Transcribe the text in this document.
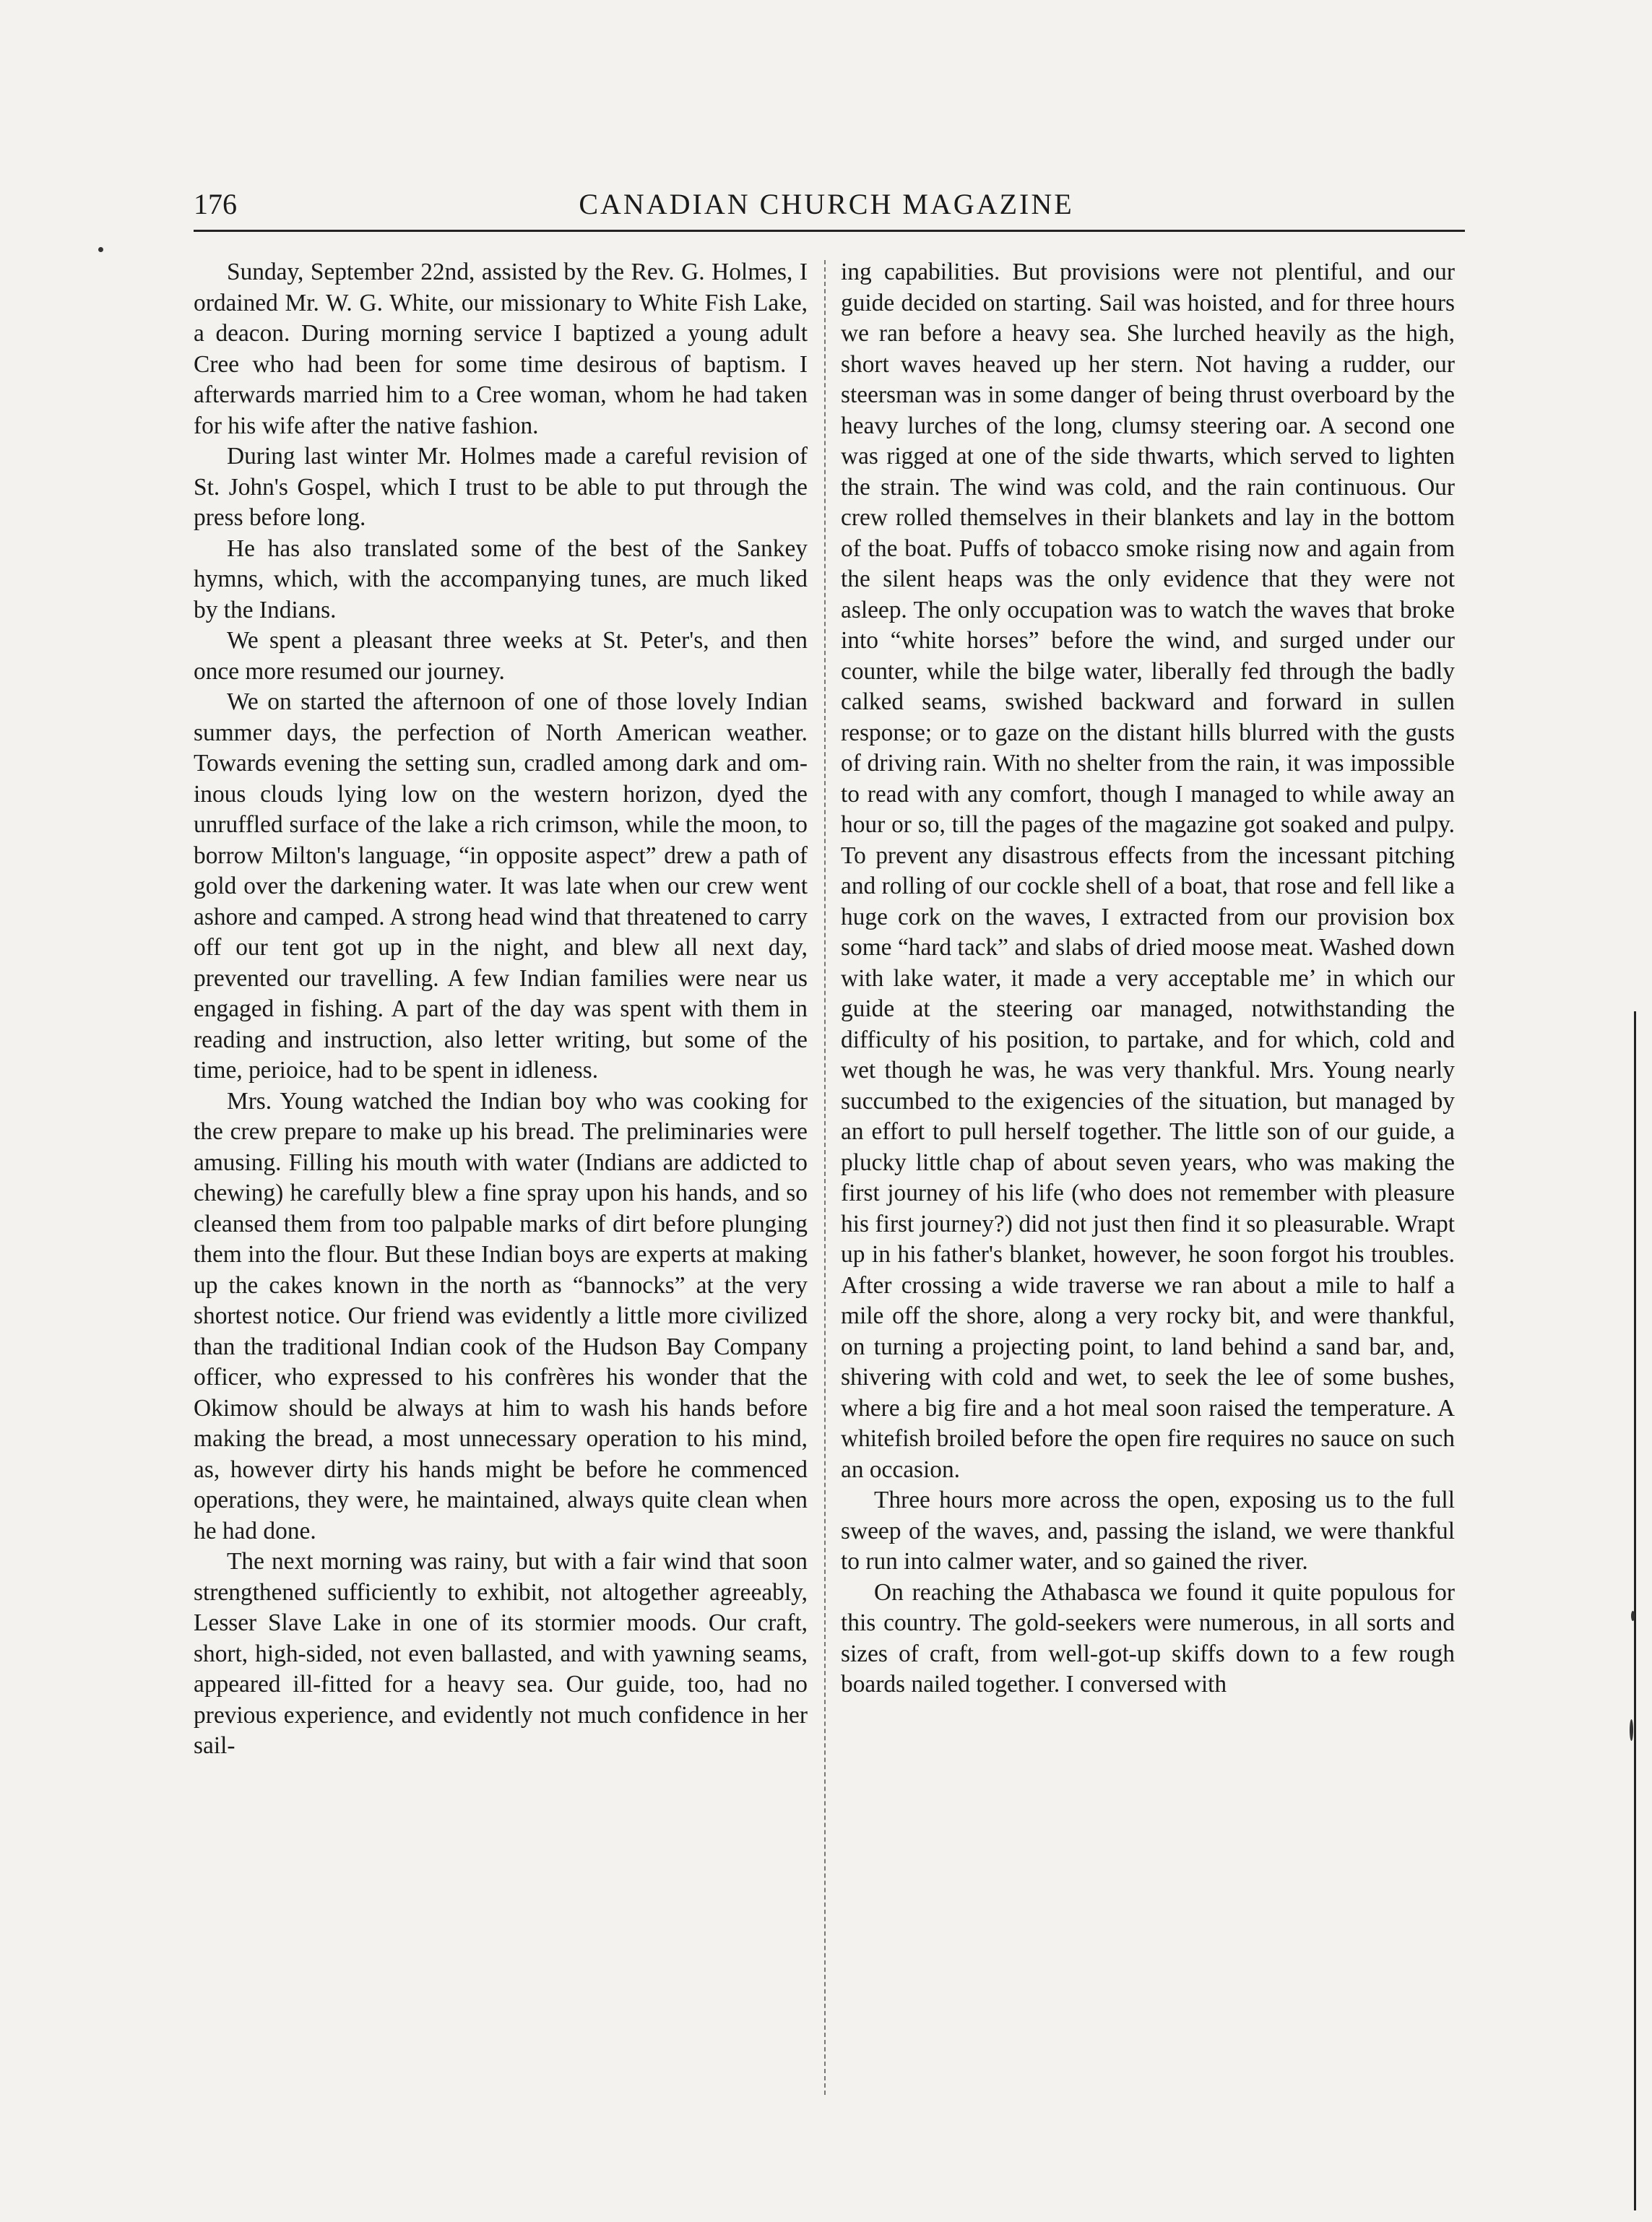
176	CANADIAN CHURCH MAGAZINE

Sunday, September 22nd, assisted by the Rev. G. Holmes, I ordained Mr. W. G. White, our missionary to White Fish Lake, a deacon. During morning service I baptized a young adult Cree who had been for some time desirous of baptism. I afterwards married him to a Cree woman, whom he had taken for his wife after the native fashion.

During last winter Mr. Holmes made a careful revision of St. John's Gospel, which I trust to be able to put through the press before long.

He has also translated some of the best of the Sankey hymns, which, with the accompanying tunes, are much liked by the Indians.

We spent a pleasant three weeks at St. Peter's, and then once more resumed our journey.

We on started the afternoon of one of those lovely Indian summer days, the perfection of North American weather. Towards evening the setting sun, cradled among dark and ominous clouds lying low on the western horizon, dyed the unruffled surface of the lake a rich crimson, while the moon, to borrow Milton's language, “in opposite aspect” drew a path of gold over the darkening water. It was late when our crew went ashore and camped. A strong head wind that threatened to carry off our tent got up in the night, and blew all next day, prevented our travelling. A few Indian families were near us engaged in fishing. A part of the day was spent with them in reading and instruction, also letter writing, but some of the time, perioice, had to be spent in idleness.

Mrs. Young watched the Indian boy who was cooking for the crew prepare to make up his bread. The preliminaries were amusing. Filling his mouth with water (Indians are addicted to chewing) he carefully blew a fine spray upon his hands, and so cleansed them from too palpable marks of dirt before plunging them into the flour. But these Indian boys are experts at making up the cakes known in the north as “bannocks” at the very shortest notice. Our friend was evidently a little more civilized than the traditional Indian cook of the Hudson Bay Company officer, who expressed to his confrères his wonder that the Okimow should be always at him to wash his hands before making the bread, a most unnecessary operation to his mind, as, however dirty his hands might be before he commenced operations, they were, he maintained, always quite clean when he had done.

The next morning was rainy, but with a fair wind that soon strengthened sufficiently to exhibit, not altogether agreeably, Lesser Slave Lake in one of its stormier moods. Our craft, short, high-sided, not even ballasted, and with yawning seams, appeared ill-fitted for a heavy sea. Our guide, too, had no previous experience, and evidently not much confidence in her sail-

ing capabilities. But provisions were not plentiful, and our guide decided on starting. Sail was hoisted, and for three hours we ran before a heavy sea. She lurched heavily as the high, short waves heaved up her stern. Not having a rudder, our steersman was in some danger of being thrust overboard by the heavy lurches of the long, clumsy steering oar. A second one was rigged at one of the side thwarts, which served to lighten the strain. The wind was cold, and the rain continuous. Our crew rolled themselves in their blankets and lay in the bottom of the boat. Puffs of tobacco smoke rising now and again from the silent heaps was the only evidence that they were not asleep. The only occupation was to watch the waves that broke into “white horses” before the wind, and surged under our counter, while the bilge water, liberally fed through the badly calked seams, swished backward and forward in sullen response; or to gaze on the distant hills blurred with the gusts of driving rain. With no shelter from the rain, it was impossible to read with any comfort, though I managed to while away an hour or so, till the pages of the magazine got soaked and pulpy. To prevent any disastrous effects from the incessant pitching and rolling of our cockle shell of a boat, that rose and fell like a huge cork on the waves, I extracted from our provision box some “hard tack” and slabs of dried moose meat. Washed down with lake water, it made a very acceptable meʼ in which our guide at the steering oar managed, notwithstanding the difficulty of his position, to partake, and for which, cold and wet though he was, he was very thankful. Mrs. Young nearly succumbed to the exigencies of the situation, but managed by an effort to pull herself together. The little son of our guide, a plucky little chap of about seven years, who was making the first journey of his life (who does not remember with pleasure his first journey?) did not just then find it so pleasurable. Wrapt up in his father's blanket, however, he soon forgot his troubles. After crossing a wide traverse we ran about a mile to half a mile off the shore, along a very rocky bit, and were thankful, on turning a projecting point, to land behind a sand bar, and, shivering with cold and wet, to seek the lee of some bushes, where a big fire and a hot meal soon raised the temperature. A whitefish broiled before the open fire requires no sauce on such an occasion.

Three hours more across the open, exposing us to the full sweep of the waves, and, passing the island, we were thankful to run into calmer water, and so gained the river.

On reaching the Athabasca we found it quite populous for this country. The gold-seekers were numerous, in all sorts and sizes of craft, from well-got-up skiffs down to a few rough boards nailed together. I conversed with
